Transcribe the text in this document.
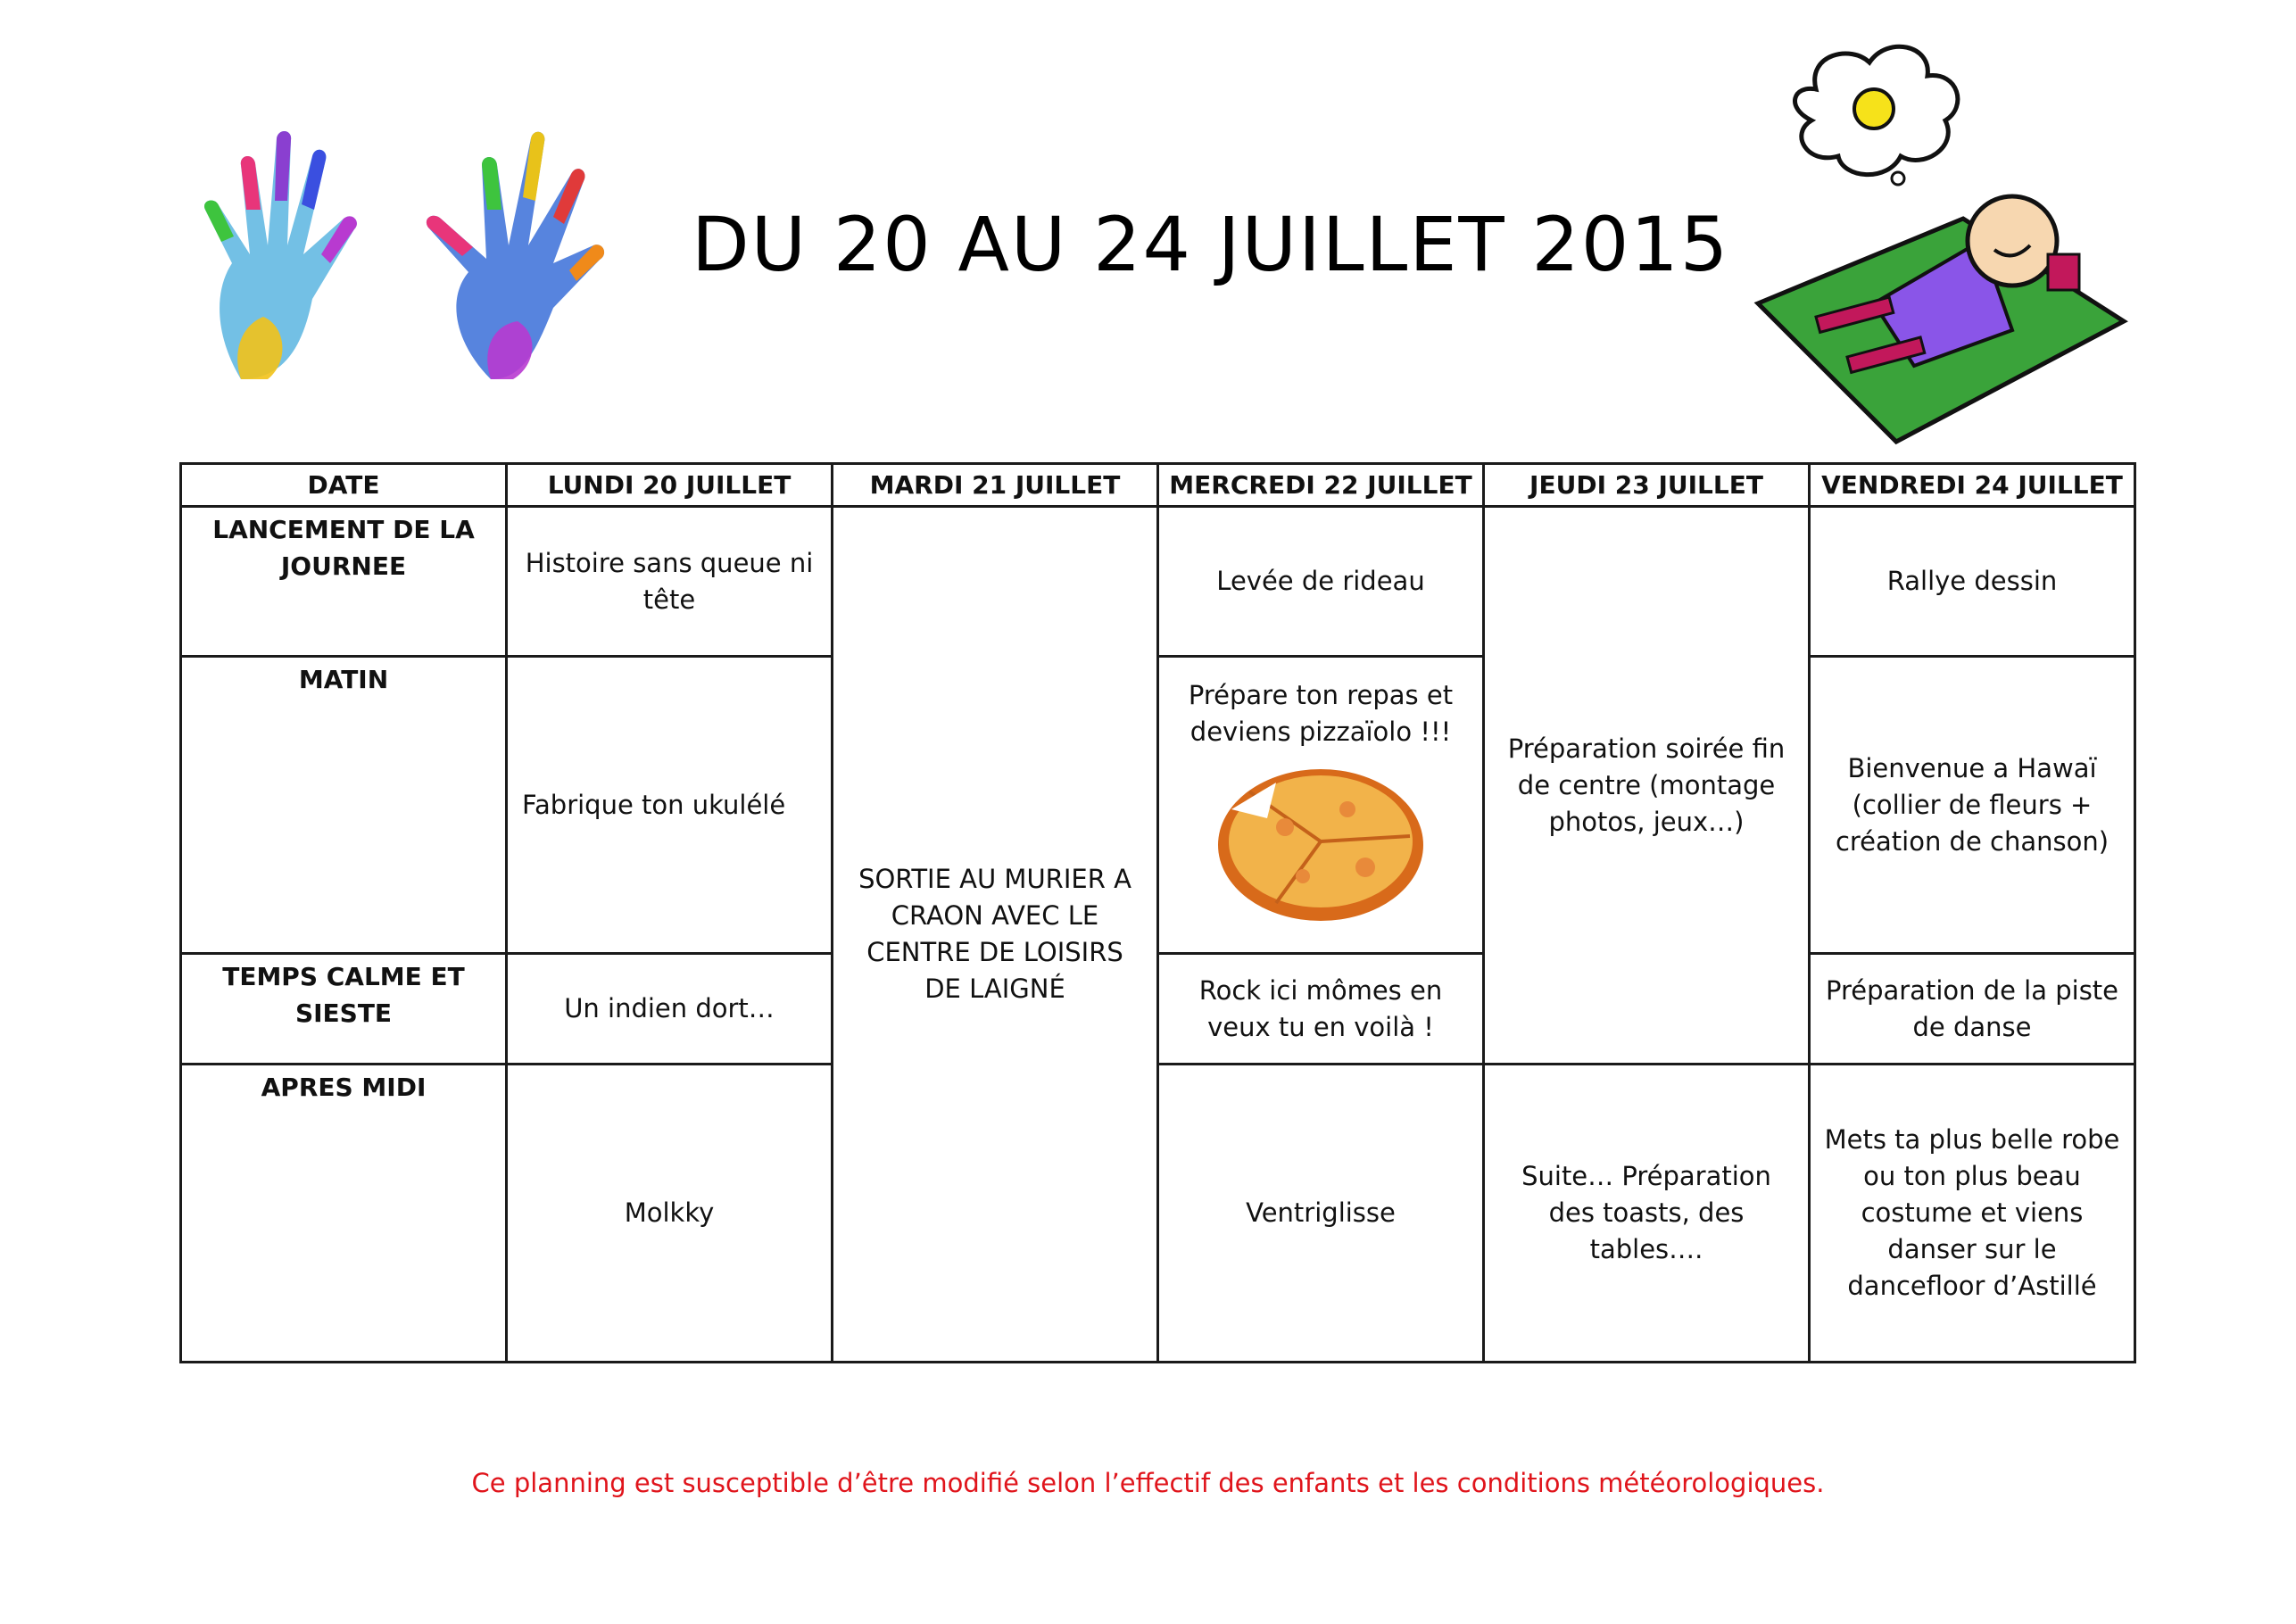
DU 20 AU 24 JUILLET 2015
DATE	LUNDI 20 JUILLET	MARDI 21 JUILLET	MERCREDI 22 JUILLET	JEUDI 23 JUILLET	VENDREDI 24 JUILLET
LANCEMENT DE LA JOURNEE	Histoire sans queue ni tête	SORTIE AU MURIER A CRAON AVEC LE CENTRE DE LOISIRS DE LAIGNÉ	Levée de rideau	Préparation soirée fin de centre (montage photos, jeux…)	Rallye dessin
MATIN	Fabrique ton ukulélé		Prépare ton repas et deviens pizzaïolo !!!		Bienvenue a Hawaï (collier de fleurs + création de chanson)
TEMPS CALME ET SIESTE	Un indien dort…		Rock ici mômes en veux tu en voilà !		Préparation de la piste de danse
APRES MIDI	Molkky		Ventriglisse	Suite… Préparation des toasts, des tables….	Mets ta plus belle robe ou ton plus beau costume et viens danser sur le dancefloor d’Astillé
Ce planning est susceptible d’être modifié selon l’effectif des enfants et les conditions météorologiques.
